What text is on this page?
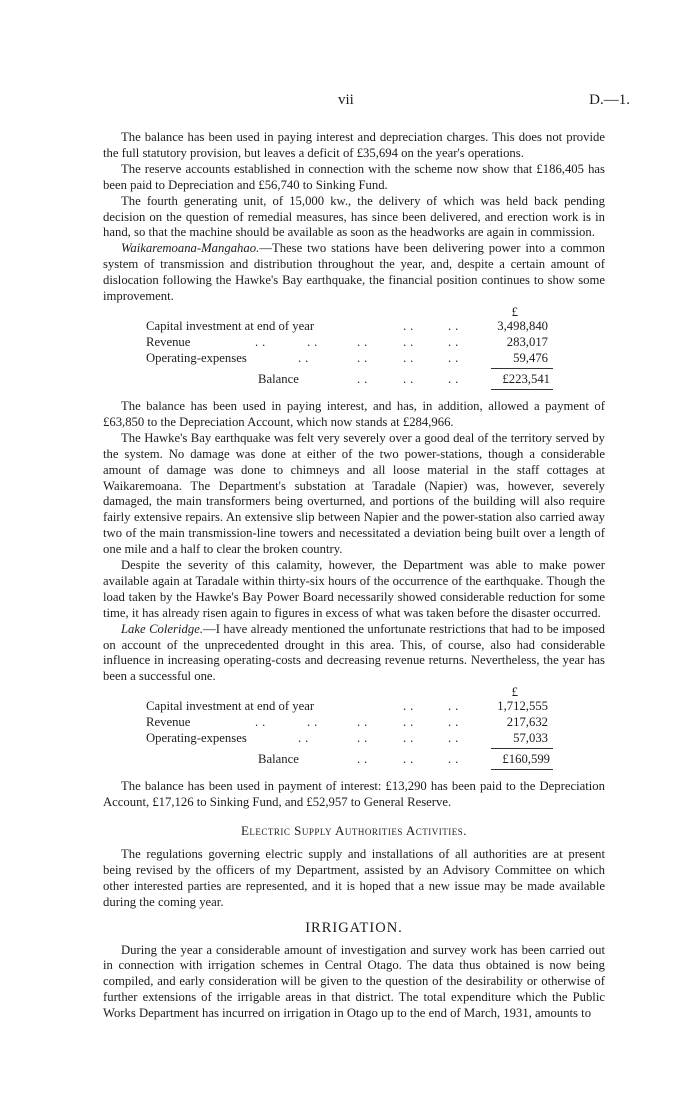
vii	D.—1.

The balance has been used in paying interest and depreciation charges. This does not provide the full statutory provision, but leaves a deficit of £35,694 on the year's operations.

The reserve accounts established in connection with the scheme now show that £186,405 has been paid to Depreciation and £56,740 to Sinking Fund.

The fourth generating unit, of 15,000 kw., the delivery of which was held back pending decision on the question of remedial measures, has since been delivered, and erection work is in hand, so that the machine should be available as soon as the headworks are again in commission.

Waikaremoana-Mangahao.—These two stations have been delivering power into a common system of transmission and distribution throughout the year, and, despite a certain amount of dislocation following the Hawke's Bay earthquake, the financial position continues to show some improvement.

£
Capital investment at end of year	.. ..	3,498,840
Revenue	..	..	.. .. ..	283,017
Operating-expenses	..	.. .. ..	59,476
Balance	.. .. ..	£223,541

The balance has been used in paying interest, and has, in addition, allowed a payment of £63,850 to the Depreciation Account, which now stands at £284,966.

The Hawke's Bay earthquake was felt very severely over a good deal of the territory served by the system. No damage was done at either of the two power-stations, though a considerable amount of damage was done to chimneys and all loose material in the staff cottages at Waikaremoana. The Department's substation at Taradale (Napier) was, however, severely damaged, the main transformers being overturned, and portions of the building will also require fairly extensive repairs. An extensive slip between Napier and the power-station also carried away two of the main transmission-line towers and necessitated a deviation being built over a length of one mile and a half to clear the broken country.

Despite the severity of this calamity, however, the Department was able to make power available again at Taradale within thirty-six hours of the occurrence of the earthquake. Though the load taken by the Hawke's Bay Power Board necessarily showed considerable reduction for some time, it has already risen again to figures in excess of what was taken before the disaster occurred.

Lake Coleridge.—I have already mentioned the unfortunate restrictions that had to be imposed on account of the unprecedented drought in this area. This, of course, also had considerable influence in increasing operating-costs and decreasing revenue returns. Nevertheless, the year has been a successful one.

£
Capital investment at end of year	.. ..	1,712,555
Revenue	..	..	.. .. ..	217,632
Operating-expenses	..	.. .. ..	57,033
Balance	.. .. ..	£160,599

The balance has been used in payment of interest: £13,290 has been paid to the Depreciation Account, £17,126 to Sinking Fund, and £52,957 to General Reserve.

Electric Supply Authorities Activities.

The regulations governing electric supply and installations of all authorities are at present being revised by the officers of my Department, assisted by an Advisory Committee on which other interested parties are represented, and it is hoped that a new issue may be made available during the coming year.

IRRIGATION.

During the year a considerable amount of investigation and survey work has been carried out in connection with irrigation schemes in Central Otago. The data thus obtained is now being compiled, and early consideration will be given to the question of the desirability or otherwise of further extensions of the irrigable areas in that district. The total expenditure which the Public Works Department has incurred on irrigation in Otago up to the end of March, 1931, amounts to
